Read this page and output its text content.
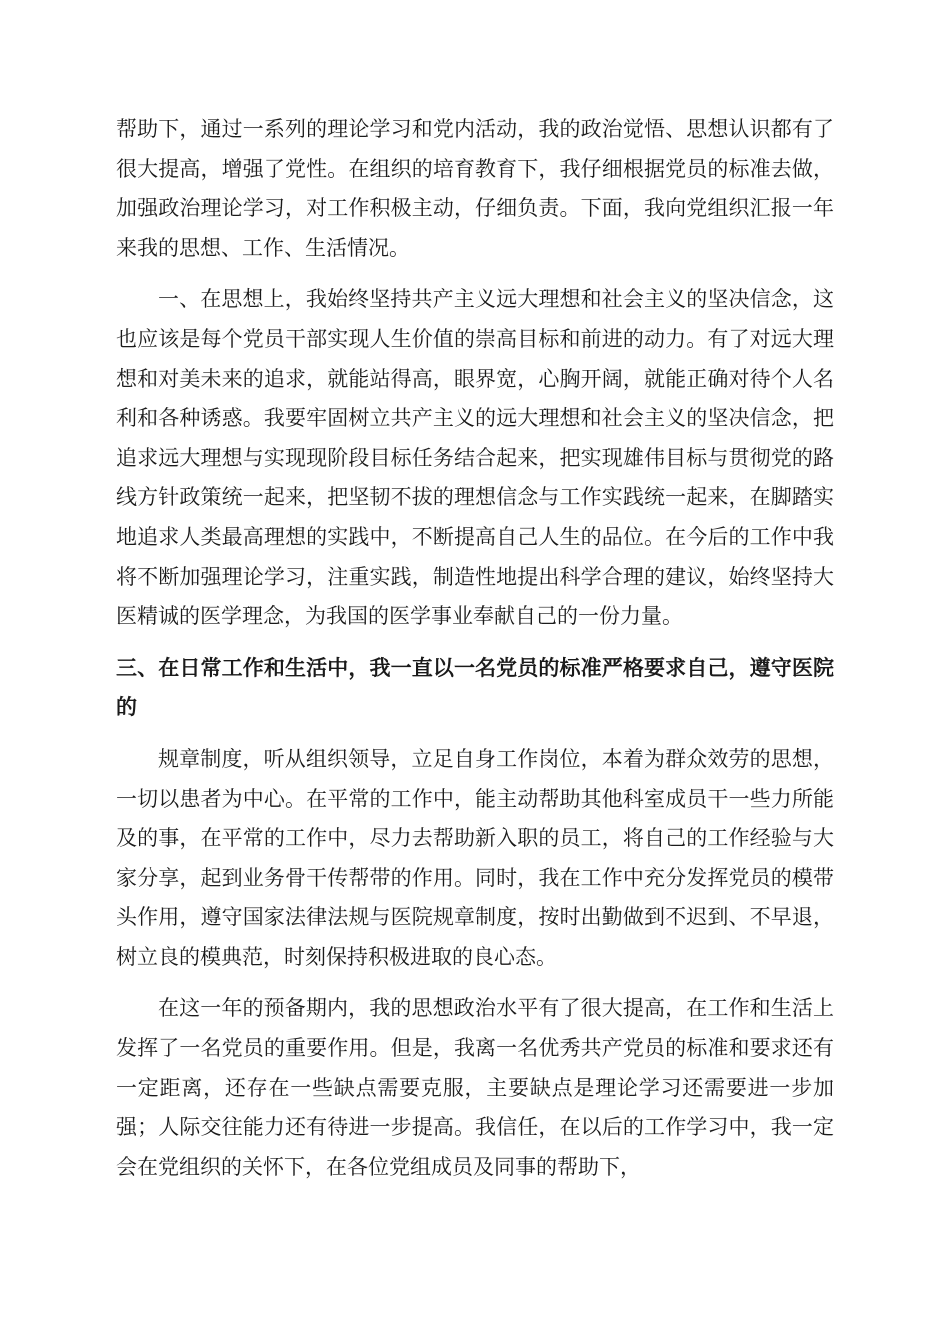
帮助下，通过一系列的理论学习和党内活动，我的政治觉悟、思想认识都有了很大提高，增强了党性。在组织的培育教育下，我仔细根据党员的标准去做，加强政治理论学习，对工作积极主动，仔细负责。下面，我向党组织汇报一年来我的思想、工作、生活情况。

一、在思想上，我始终坚持共产主义远大理想和社会主义的坚决信念，这也应该是每个党员干部实现人生价值的崇高目标和前进的动力。有了对远大理想和对美未来的追求，就能站得高，眼界宽，心胸开阔，就能正确对待个人名利和各种诱惑。我要牢固树立共产主义的远大理想和社会主义的坚决信念，把追求远大理想与实现现阶段目标任务结合起来，把实现雄伟目标与贯彻党的路线方针政策统一起来，把坚韧不拔的理想信念与工作实践统一起来，在脚踏实地追求人类最高理想的实践中，不断提高自己人生的品位。在今后的工作中我将不断加强理论学习，注重实践，制造性地提出科学合理的建议，始终坚持大医精诚的医学理念，为我国的医学事业奉献自己的一份力量。

三、在日常工作和生活中，我一直以一名党员的标准严格要求自己，遵守医院的

规章制度，听从组织领导，立足自身工作岗位，本着为群众效劳的思想，一切以患者为中心。在平常的工作中，能主动帮助其他科室成员干一些力所能及的事，在平常的工作中，尽力去帮助新入职的员工，将自己的工作经验与大家分享，起到业务骨干传帮带的作用。同时，我在工作中充分发挥党员的模带头作用，遵守国家法律法规与医院规章制度，按时出勤做到不迟到、不早退，树立良的模典范，时刻保持积极进取的良心态。

在这一年的预备期内，我的思想政治水平有了很大提高，在工作和生活上发挥了一名党员的重要作用。但是，我离一名优秀共产党员的标准和要求还有一定距离，还存在一些缺点需要克服，主要缺点是理论学习还需要进一步加强；人际交往能力还有待进一步提高。我信任，在以后的工作学习中，我一定会在党组织的关怀下，在各位党组成员及同事的帮助下，
